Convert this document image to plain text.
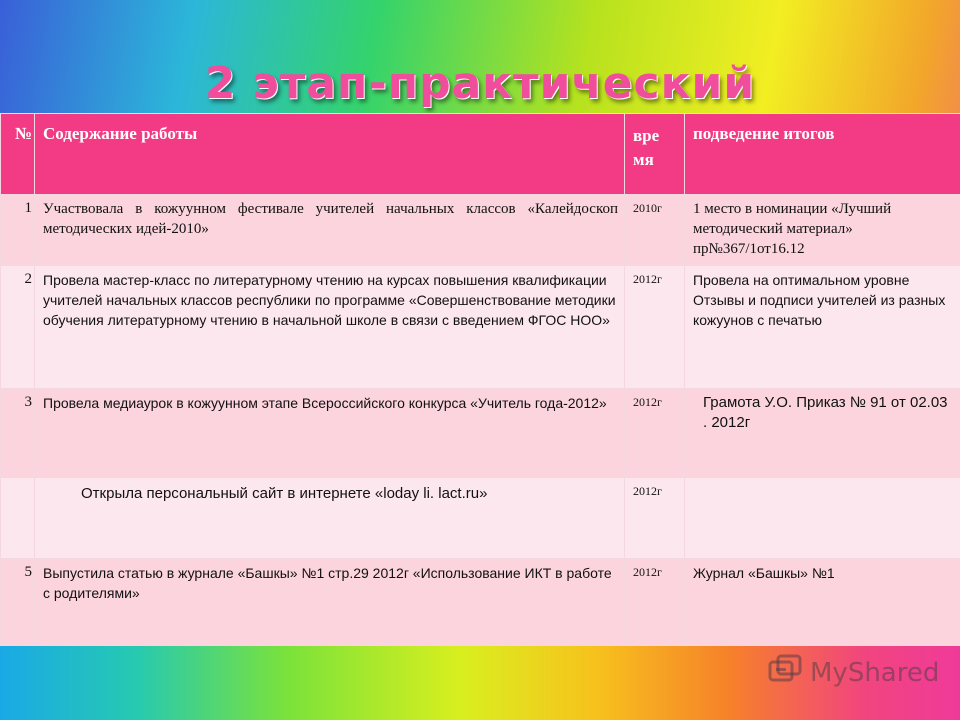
2 этап-практический
№	Содержание работы	время	подведение итогов
1	Участвовала в кожуунном фестивале учителей начальных классов «Калейдоскоп методических идей-2010»	2010г	1 место в номинации «Лучший методический материал» пр№367/1от16.12
2	Провела мастер-класс по литературному чтению на курсах повышения квалификации учителей начальных классов республики по программе «Совершенствование методики обучения литературному чтению в начальной школе в связи с введением ФГОС НОО»	2012г	Провела на оптимальном уровне Отзывы и подписи учителей из разных кожуунов с печатью
3	Провела медиаурок в кожуунном этапе Всероссийского конкурса «Учитель года-2012»	2012г	Грамота У.О. Приказ № 91 от 02.03 . 2012г
	Открыла персональный сайт в интернете «loday li. lact.ru»	2012г	
5	Выпустила статью в журнале «Башкы» №1 стр.29 2012г «Использование ИКТ в работе с родителями»	2012г	Журнал «Башкы» №1
MyShared
